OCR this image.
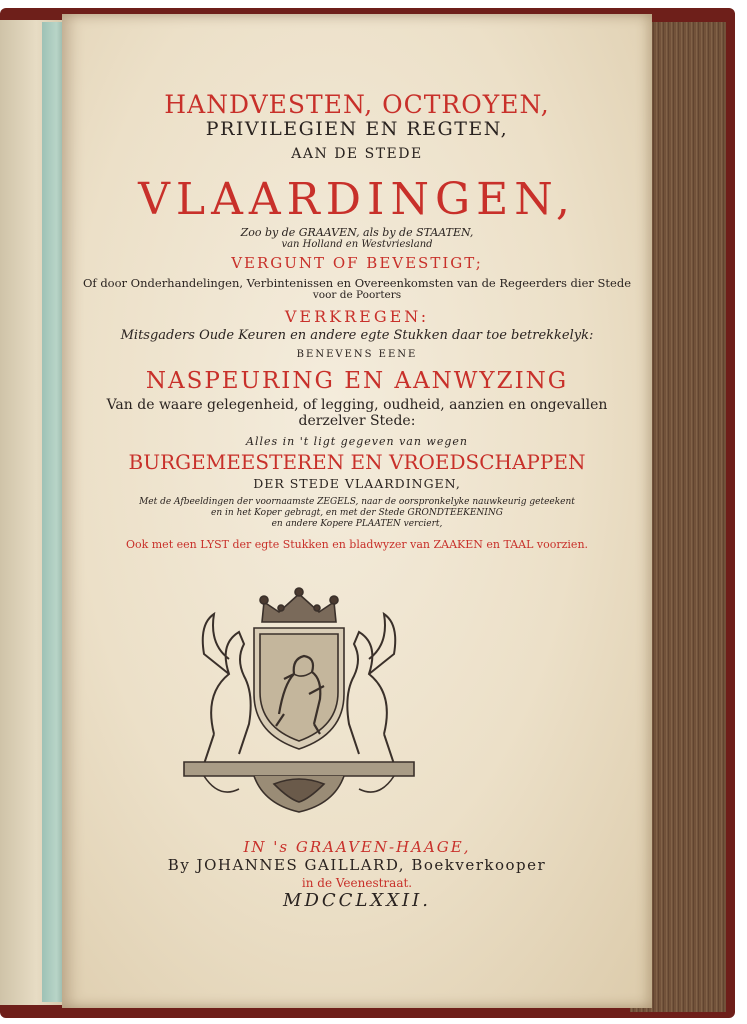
HANDVESTEN, OCTROYEN,
PRIVILEGIEN EN REGTEN,
AAN DE STEDE
VLAARDINGEN,
Zoo by de GRAAVEN, als by de STAATEN,
van Holland en Westvriesland
VERGUNT OF BEVESTIGT;
Of door Onderhandelingen, Verbintenissen en Overeenkomsten van de Regeerders dier Stede
voor de Poorters
VERKREGEN:
Mitsgaders Oude Keuren en andere egte Stukken daar toe betrekkelyk:
BENEVENS EENE
NASPEURING EN AANWYZING
Van de waare gelegenheid, of legging, oudheid, aanzien en ongevallen
derzelver Stede:
Alles in 't ligt gegeven van wegen
BURGEMEESTEREN EN VROEDSCHAPPEN
DER STEDE VLAARDINGEN,
Met de Afbeeldingen der voornaamste ZEGELS, naar de oorspronkelyke nauwkeurig geteekent
en in het Koper gebragt, en met der Stede GRONDTEEKENING
en andere Kopere PLAATEN verciert,
Ook met een LYST der egte Stukken en bladwyzer van ZAAKEN en TAAL voorzien.
IN 's GRAAVEN-HAAGE,
By JOHANNES GAILLARD, Boekverkooper
in de Veenestraat.
MDCCLXXII.
